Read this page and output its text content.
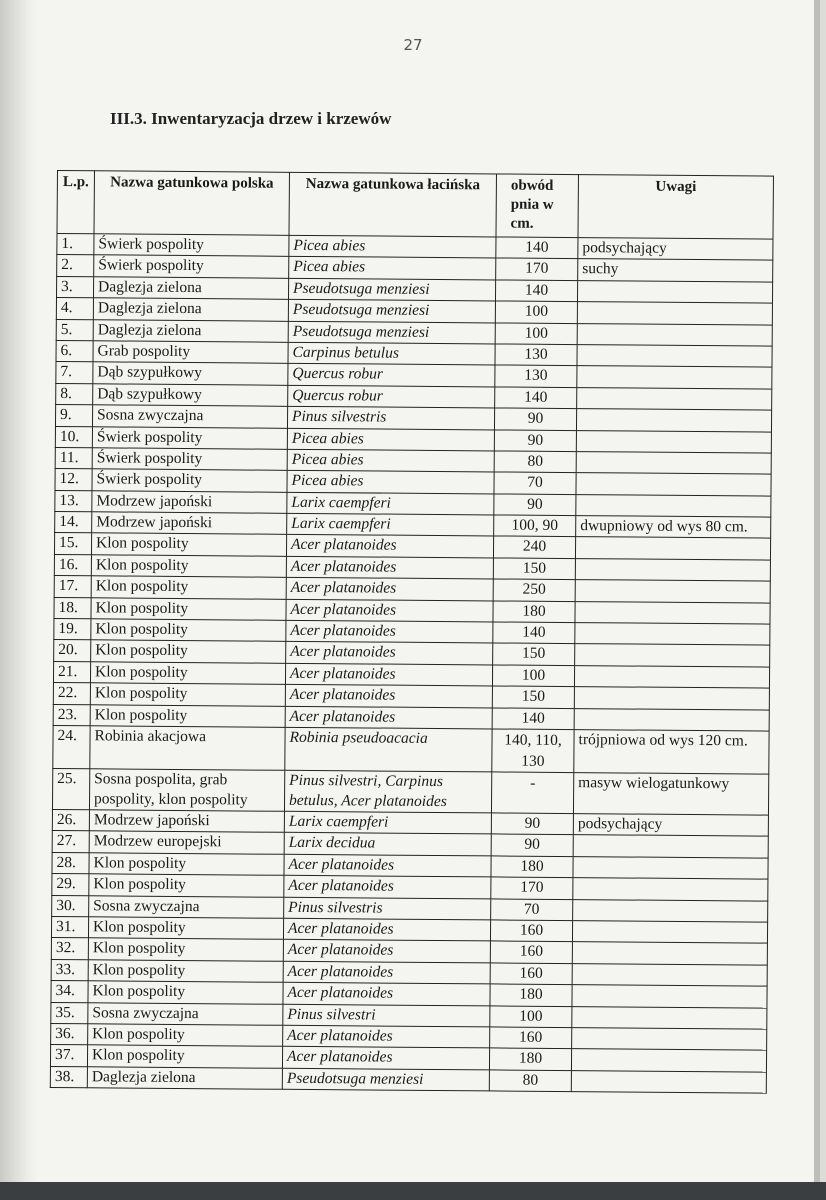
27
III.3. Inwentaryzacja drzew i krzewów
L.p.	Nazwa gatunkowa polska	Nazwa gatunkowa łacińska	obwód pnia w cm.	Uwagi
1.	Świerk pospolity	Picea abies	140	podsychający
2.	Świerk pospolity	Picea abies	170	suchy
3.	Daglezja zielona	Pseudotsuga menziesi	140	
4.	Daglezja zielona	Pseudotsuga menziesi	100	
5.	Daglezja zielona	Pseudotsuga menziesi	100	
6.	Grab pospolity	Carpinus betulus	130	
7.	Dąb szypułkowy	Quercus robur	130	
8.	Dąb szypułkowy	Quercus robur	140	
9.	Sosna zwyczajna	Pinus silvestris	90	
10.	Świerk pospolity	Picea abies	90	
11.	Świerk pospolity	Picea abies	80	
12.	Świerk pospolity	Picea abies	70	
13.	Modrzew japoński	Larix caempferi	90	
14.	Modrzew japoński	Larix caempferi	100, 90	dwupniowy od wys 80 cm.
15.	Klon pospolity	Acer platanoides	240	
16.	Klon pospolity	Acer platanoides	150	
17.	Klon pospolity	Acer platanoides	250	
18.	Klon pospolity	Acer platanoides	180	
19.	Klon pospolity	Acer platanoides	140	
20.	Klon pospolity	Acer platanoides	150	
21.	Klon pospolity	Acer platanoides	100	
22.	Klon pospolity	Acer platanoides	150	
23.	Klon pospolity	Acer platanoides	140	
24.	Robinia akacjowa	Robinia pseudoacacia	140, 110, 130	trójpniowa od wys 120 cm.
25.	Sosna pospolita, grab pospolity, klon pospolity	Pinus silvestri, Carpinus betulus, Acer platanoides	-	masyw wielogatunkowy
26.	Modrzew japoński	Larix caempferi	90	podsychający
27.	Modrzew europejski	Larix decidua	90	
28.	Klon pospolity	Acer platanoides	180	
29.	Klon pospolity	Acer platanoides	170	
30.	Sosna zwyczajna	Pinus silvestris	70	
31.	Klon pospolity	Acer platanoides	160	
32.	Klon pospolity	Acer platanoides	160	
33.	Klon pospolity	Acer platanoides	160	
34.	Klon pospolity	Acer platanoides	180	
35.	Sosna zwyczajna	Pinus silvestri	100	
36.	Klon pospolity	Acer platanoides	160	
37.	Klon pospolity	Acer platanoides	180	
38.	Daglezja zielona	Pseudotsuga menziesi	80	
